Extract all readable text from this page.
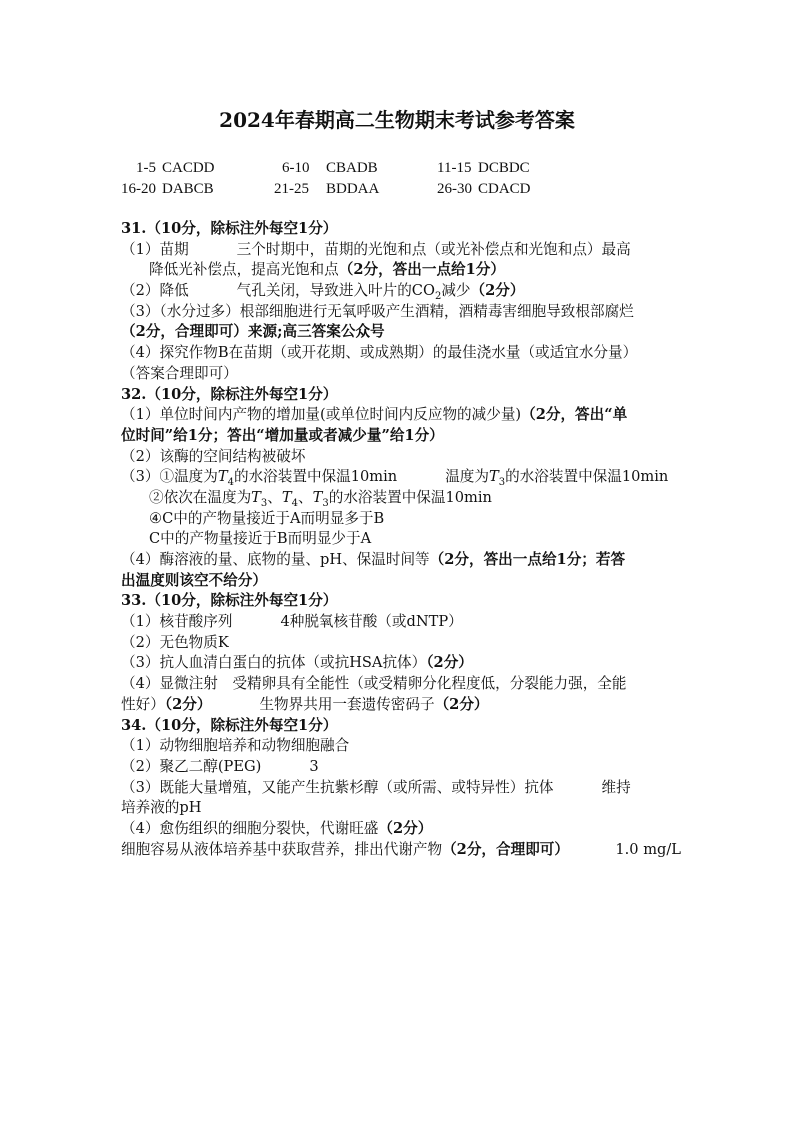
2024年春期高二生物期末考试参考答案
1-5 CACDD	6-10 CBADB	11-15 DCBDC
16-20 DABCB	21-25 BDDAA	26-30 CDACD
31.（10分，除标注外每空1分）
（1）苗期	三个时期中，苗期的光饱和点（或光补偿点和光饱和点）最高
降低光补偿点，提高光饱和点（2分，答出一点给1分）
（2）降低	气孔关闭，导致进入叶片的$CO_2$减少（2分）
（3）（水分过多）根部细胞进行无氧呼吸产生酒精，酒精毒害细胞导致根部腐烂
（2分，合理即可）来源;高三答案公众号
（4）探究作物B在苗期（或开花期、或成熟期）的最佳浇水量（或适宜水分量）
（答案合理即可）
32.（10分，除标注外每空1分）
（1）单位时间内产物的增加量(或单位时间内反应物的减少量)（2分，答出“单
位时间”给1分；答出“增加量或者减少量”给1分）
（2）该酶的空间结构被破坏
（3）①温度为$T_4$的水浴装置中保温10min	温度为$T_3$的水浴装置中保温10min
②依次在温度为$T_3$、$T_4$、$T_3$的水浴装置中保温10min
④C中的产物量接近于A而明显多于B
C中的产物量接近于B而明显少于A
（4）酶溶液的量、底物的量、pH、保温时间等（2分，答出一点给1分；若答
出温度则该空不给分）
33.（10分，除标注外每空1分）
（1）核苷酸序列	4种脱氧核苷酸（或dNTP）
（2）无色物质K
（3）抗人血清白蛋白的抗体（或抗HSA抗体）（2分）
（4）显微注射　受精卵具有全能性（或受精卵分化程度低，分裂能力强，全能
性好）（2分）	生物界共用一套遗传密码子（2分）
34.（10分，除标注外每空1分）
（1）动物细胞培养和动物细胞融合
（2）聚乙二醇(PEG)	3
（3）既能大量增殖，又能产生抗紫杉醇（或所需、或特异性）抗体	维持
培养液的pH
（4）愈伤组织的细胞分裂快，代谢旺盛（2分）
细胞容易从液体培养基中获取营养，排出代谢产物（2分，合理即可）	1.0 mg/L
